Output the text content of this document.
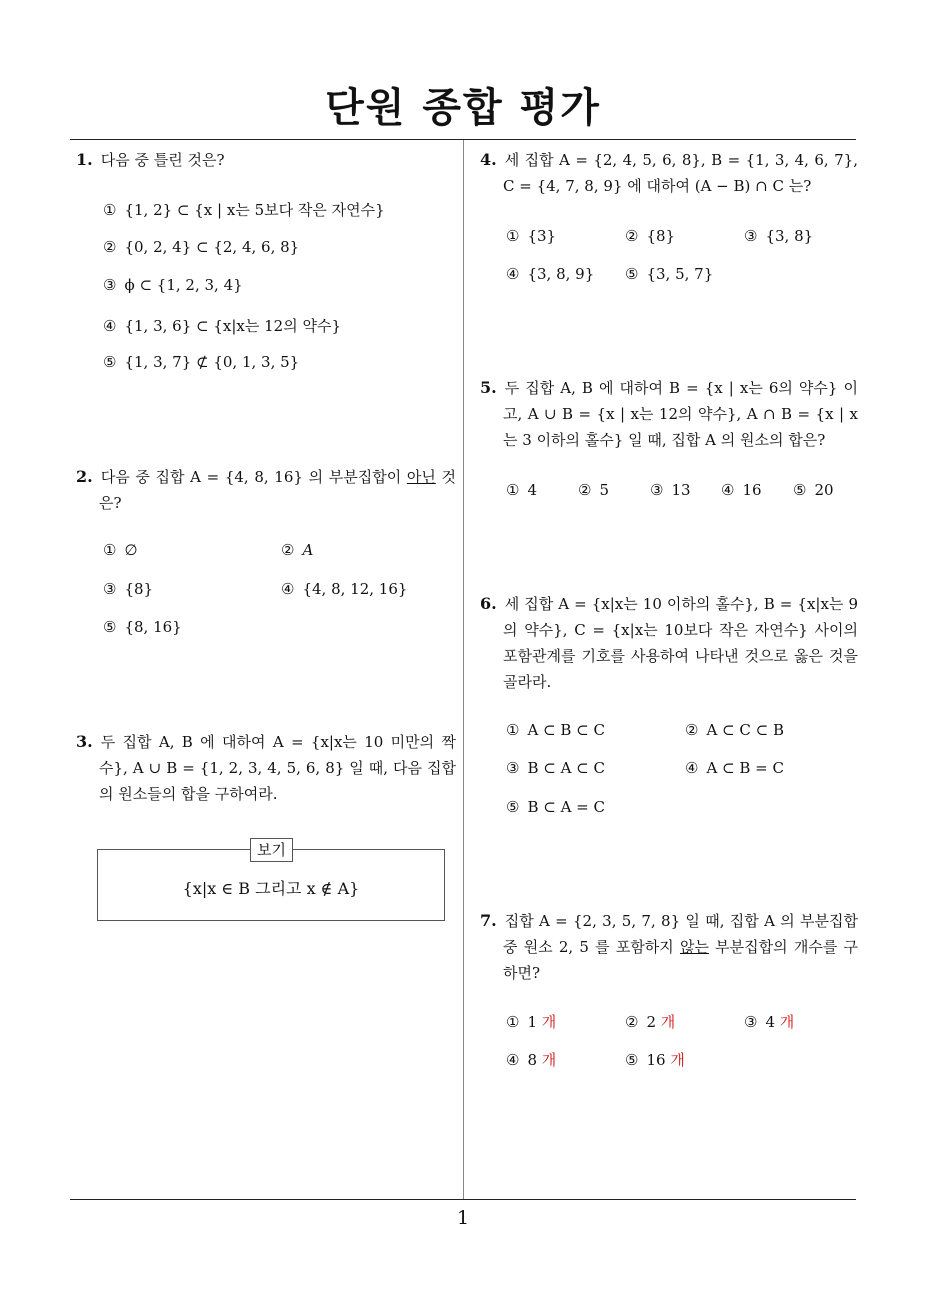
단원 종합 평가
1
1. 다음 중 틀린 것은?
① {1, 2} ⊂ {x | x는 5보다 작은 자연수}
② {0, 2, 4} ⊂ {2, 4, 6, 8}
③ ϕ ⊂ {1, 2, 3, 4}
④ {1, 3, 6} ⊂ {x|x는 12의 약수}
⑤ {1, 3, 7} ⊄ {0, 1, 3, 5}
2. 다음 중 집합 A = {4, 8, 16} 의 부분집합이 아닌 것은?
① ∅	② A
③ {8}	④ {4, 8, 12, 16}
⑤ {8, 16}
3. 두 집합 A, B 에 대하여 A = {x|x는 10 미만의 짝수}, A ∪ B = {1, 2, 3, 4, 5, 6, 8} 일 때, 다음 집합의 원소들의 합을 구하여라.
보기
{x|x ∈ B 그리고 x ∉ A}
4. 세 집합 A = {2, 4, 5, 6, 8}, B = {1, 3, 4, 6, 7}, C = {4, 7, 8, 9} 에 대하여 (A − B) ∩ C 는?
① {3}	② {8}	③ {3, 8}
④ {3, 8, 9} ⑤ {3, 5, 7}
5. 두 집합 A, B 에 대하여 B = {x | x는 6의 약수} 이고, A ∪ B = {x | x는 12의 약수}, A ∩ B = {x | x는 3 이하의 홀수} 일 때, 집합 A 의 원소의 합은?
① 4	② 5	③ 13 ④ 16 ⑤ 20
6. 세 집합 A = {x|x는 10 이하의 홀수}, B = {x|x는 9의 약수}, C = {x|x는 10보다 작은 자연수} 사이의 포함관계를 기호를 사용하여 나타낸 것으로 옳은 것을 골라라.
① A ⊂ B ⊂ C	② A ⊂ C ⊂ B
③ B ⊂ A ⊂ C	④ A ⊂ B = C
⑤ B ⊂ A = C
7. 집합 A = {2, 3, 5, 7, 8} 일 때, 집합 A 의 부분집합 중 원소 2, 5 를 포함하지 않는 부분집합의 개수를 구하면?
① 1 개	② 2 개	③ 4 개
④ 8 개	⑤ 16 개
